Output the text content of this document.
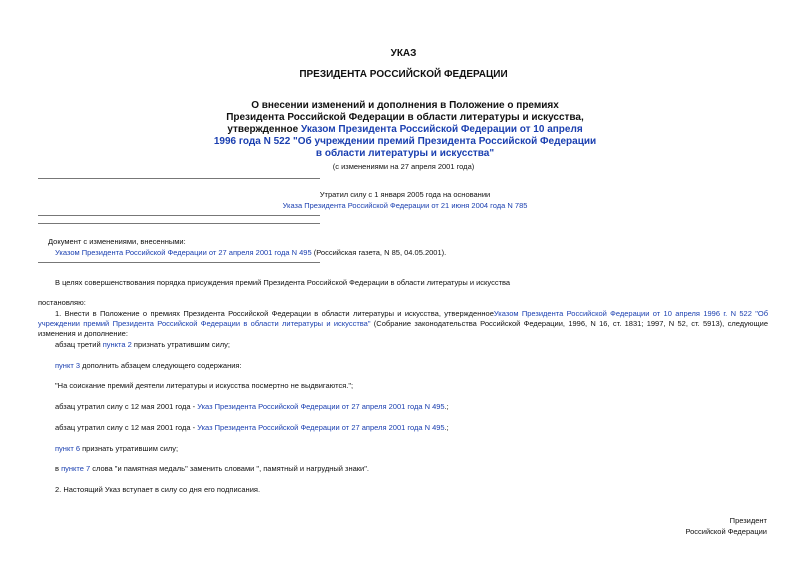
УКАЗ
ПРЕЗИДЕНТА РОССИЙСКОЙ ФЕДЕРАЦИИ
О внесении изменений и дополнения в Положение о премиях
Президента Российской Федерации в области литературы и искусства,
утвержденное Указом Президента Российской Федерации от 10 апреля
1996 года N 522 "Об учреждении премий Президента Российской Федерации
в области литературы и искусства"
(с изменениями на 27 апреля 2001 года)
Утратил силу с 1 января 2005 года на основании
Указа Президента Российской Федерации от 21 июня 2004 года N 785
Документ с изменениями, внесенными:
Указом Президента Российской Федерации от 27 апреля 2001 года N 495 (Российская газета, N 85, 04.05.2001).
В целях совершенствования порядка присуждения премий Президента Российской Федерации в области литературы и искусства
постановляю:
1. Внести в Положение о премиях Президента Российской Федерации в области литературы и искусства, утвержденноеУказом Президента Российской Федерации от 10 апреля 1996 г. N 522 "Об учреждении премий Президента Российской Федерации в области литературы и искусства" (Собрание законодательства Российской Федерации, 1996, N 16, ст. 1831; 1997, N 52, ст. 5913), следующие изменения и дополнение:
абзац третий пункта 2 признать утратившим силу;
пункт 3 дополнить абзацем следующего содержания:
"На соискание премий деятели литературы и искусства посмертно не выдвигаются.";
абзац утратил силу с 12 мая 2001 года - Указ Президента Российской Федерации от 27 апреля 2001 года N 495.;
абзац утратил силу с 12 мая 2001 года - Указ Президента Российской Федерации от 27 апреля 2001 года N 495.;
пункт 6 признать утратившим силу;
в пункте 7 слова "и памятная медаль" заменить словами ", памятный и нагрудный знаки".
2. Настоящий Указ вступает в силу со дня его подписания.
Президент
Российской Федерации
